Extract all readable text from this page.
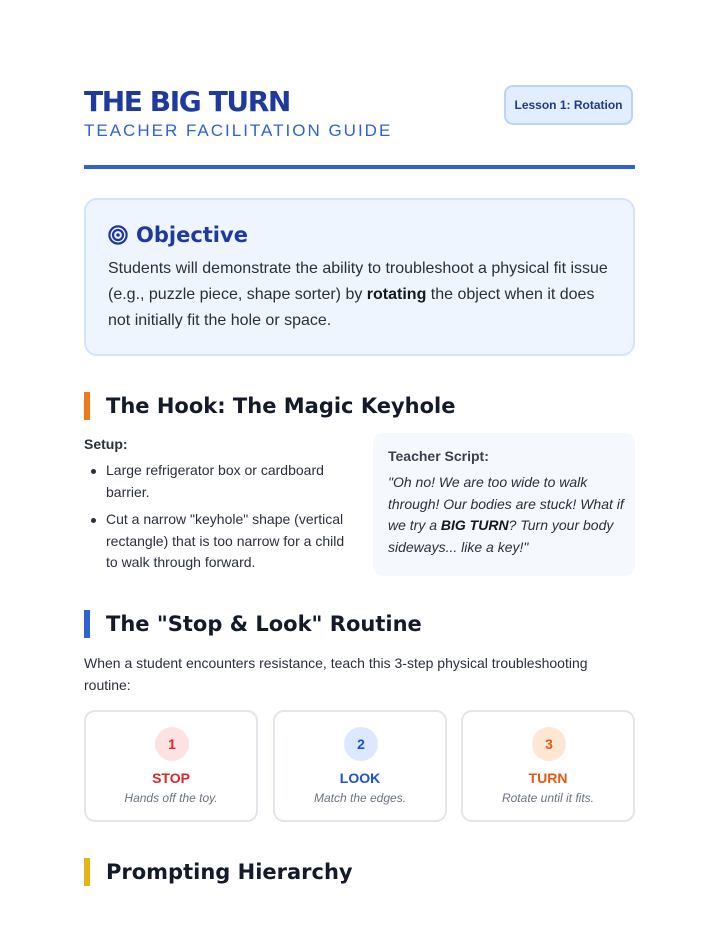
THE BIG TURN
TEACHER FACILITATION GUIDE
Lesson 1: Rotation
Objective
Students will demonstrate the ability to troubleshoot a physical fit issue (e.g., puzzle piece, shape sorter) by rotating the object when it does not initially fit the hole or space.
The Hook: The Magic Keyhole
Setup:
Large refrigerator box or cardboard barrier.
Cut a narrow "keyhole" shape (vertical rectangle) that is too narrow for a child to walk through forward.
Teacher Script:
"Oh no! We are too wide to walk through! Our bodies are stuck! What if we try a BIG TURN? Turn your body sideways... like a key!"
The "Stop & Look" Routine
When a student encounters resistance, teach this 3-step physical troubleshooting routine:
1
STOP
Hands off the toy.
2
LOOK
Match the edges.
3
TURN
Rotate until it fits.
Prompting Hierarchy
